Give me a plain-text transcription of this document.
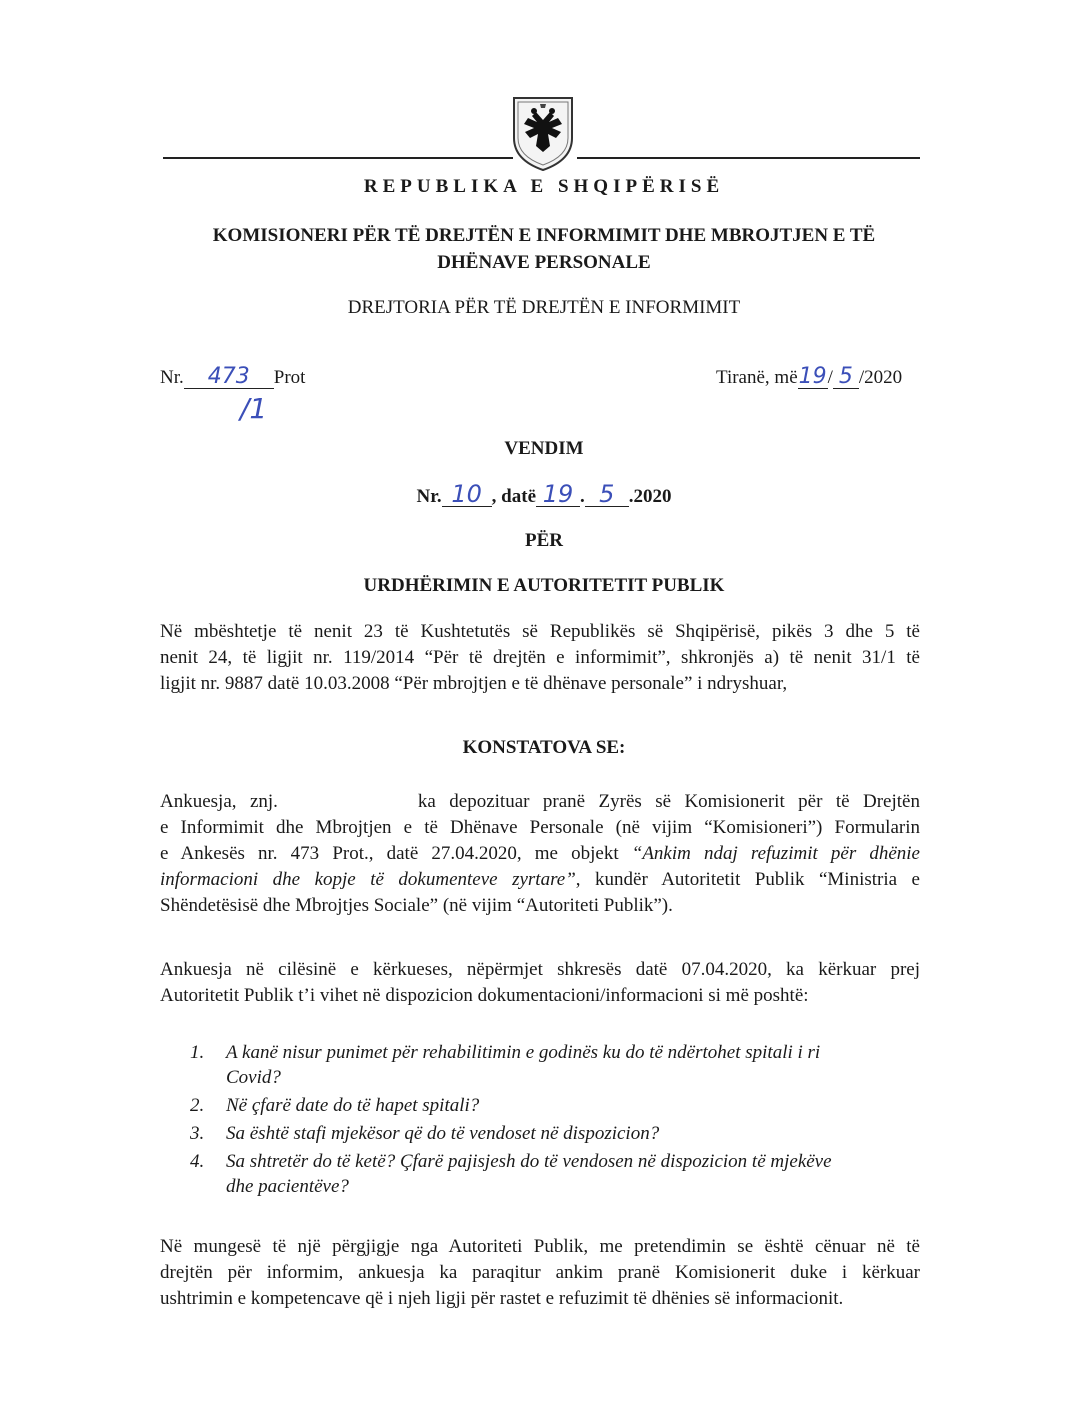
REPUBLIKA E SHQIPËRISË
KOMISIONERI PËR TË DREJTËN E INFORMIMIT DHE MBROJTJEN E TË
DHËNAVE PERSONALE
DREJTORIA PËR TË DREJTËN E INFORMIMIT
Nr. 473 Prot
/1
Tiranë, më19/ 5 /2020
VENDIM
Nr. 10 , datë 19 . 5 .2020
PËR
URDHËRIMIN E AUTORITETIT PUBLIK
Në mbështetje të nenit 23 të Kushtetutës së Republikës së Shqipërisë, pikës 3 dhe 5 të
nenit 24, të ligjit nr. 119/2014 “Për të drejtën e informimit”, shkronjës a) të nenit 31/1 të
ligjit nr. 9887 datë 10.03.2008 “Për mbrojtjen e të dhënave personale” i ndryshuar,
KONSTATOVA SE:
Ankuesja, znj.	ka depozituar pranë Zyrës së Komisionerit për të Drejtën
e Informimit dhe Mbrojtjen e të Dhënave Personale (në vijim “Komisioneri”) Formularin
e Ankesës nr. 473 Prot., datë 27.04.2020, me objekt “Ankim ndaj refuzimit për dhënie
informacioni dhe kopje të dokumenteve zyrtare”, kundër Autoritetit Publik “Ministria e
Shëndetësisë dhe Mbrojtjes Sociale” (në vijim “Autoriteti Publik”).
Ankuesja në cilësinë e kërkueses, nëpërmjet shkresës datë 07.04.2020, ka kërkuar prej
Autoritetit Publik t’i vihet në dispozicion dokumentacioni/informacioni si më poshtë:
1. A kanë nisur punimet për rehabilitimin e godinës ku do të ndërtohet spitali i ri
Covid?
2. Në çfarë date do të hapet spitali?
3. Sa është stafi mjekësor që do të vendoset në dispozicion?
4. Sa shtretër do të ketë? Çfarë pajisjesh do të vendosen në dispozicion të mjekëve
dhe pacientëve?
Në mungesë të një përgjigje nga Autoriteti Publik, me pretendimin se është cënuar në të
drejtën për informim, ankuesja ka paraqitur ankim pranë Komisionerit duke i kërkuar
ushtrimin e kompetencave që i njeh ligji për rastet e refuzimit të dhënies së informacionit.
